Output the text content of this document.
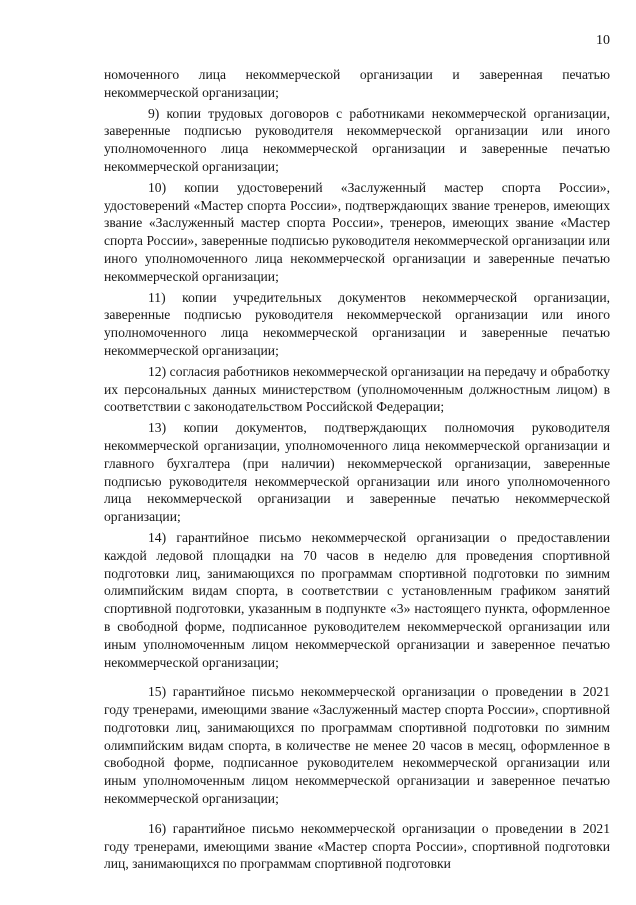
10

номоченного лица некоммерческой организации и заверенная печатью некоммерческой организации;

9) копии трудовых договоров с работниками некоммерческой организации, заверенные подписью руководителя некоммерческой организации или иного уполномоченного лица некоммерческой организации и заверенные печатью некоммерческой организации;

10) копии удостоверений «Заслуженный мастер спорта России», удостоверений «Мастер спорта России», подтверждающих звание тренеров, имеющих звание «Заслуженный мастер спорта России», тренеров, имеющих звание «Мастер спорта России», заверенные подписью руководителя некоммерческой организации или иного уполномоченного лица некоммерческой организации и заверенные печатью некоммерческой организации;

11) копии учредительных документов некоммерческой организации, заверенные подписью руководителя некоммерческой организации или иного уполномоченного лица некоммерческой организации и заверенные печатью некоммерческой организации;

12) согласия работников некоммерческой организации на передачу и обработку их персональных данных министерством (уполномоченным должностным лицом) в соответствии с законодательством Российской Федерации;

13) копии документов, подтверждающих полномочия руководителя некоммерческой организации, уполномоченного лица некоммерческой организации и главного бухгалтера (при наличии) некоммерческой организации, заверенные подписью руководителя некоммерческой организации или иного уполномоченного лица некоммерческой организации и заверенные печатью некоммерческой организации;

14) гарантийное письмо некоммерческой организации о предоставлении каждой ледовой площадки на 70 часов в неделю для проведения спортивной подготовки лиц, занимающихся по программам спортивной подготовки по зимним олимпийским видам спорта, в соответствии с установленным графиком занятий спортивной подготовки, указанным в подпункте «3» настоящего пункта, оформленное в свободной форме, подписанное руководителем некоммерческой организации или иным уполномоченным лицом некоммерческой организации и заверенное печатью некоммерческой организации;

15) гарантийное письмо некоммерческой организации о проведении в 2021 году тренерами, имеющими звание «Заслуженный мастер спорта России», спортивной подготовки лиц, занимающихся по программам спортивной подготовки по зимним олимпийским видам спорта, в количестве не менее 20 часов в месяц, оформленное в свободной форме, подписанное руководителем некоммерческой организации или иным уполномоченным лицом некоммерческой организации и заверенное печатью некоммерческой организации;

16) гарантийное письмо некоммерческой организации о проведении в 2021 году тренерами, имеющими звание «Мастер спорта России», спортивной подготовки лиц, занимающихся по программам спортивной подготовки
